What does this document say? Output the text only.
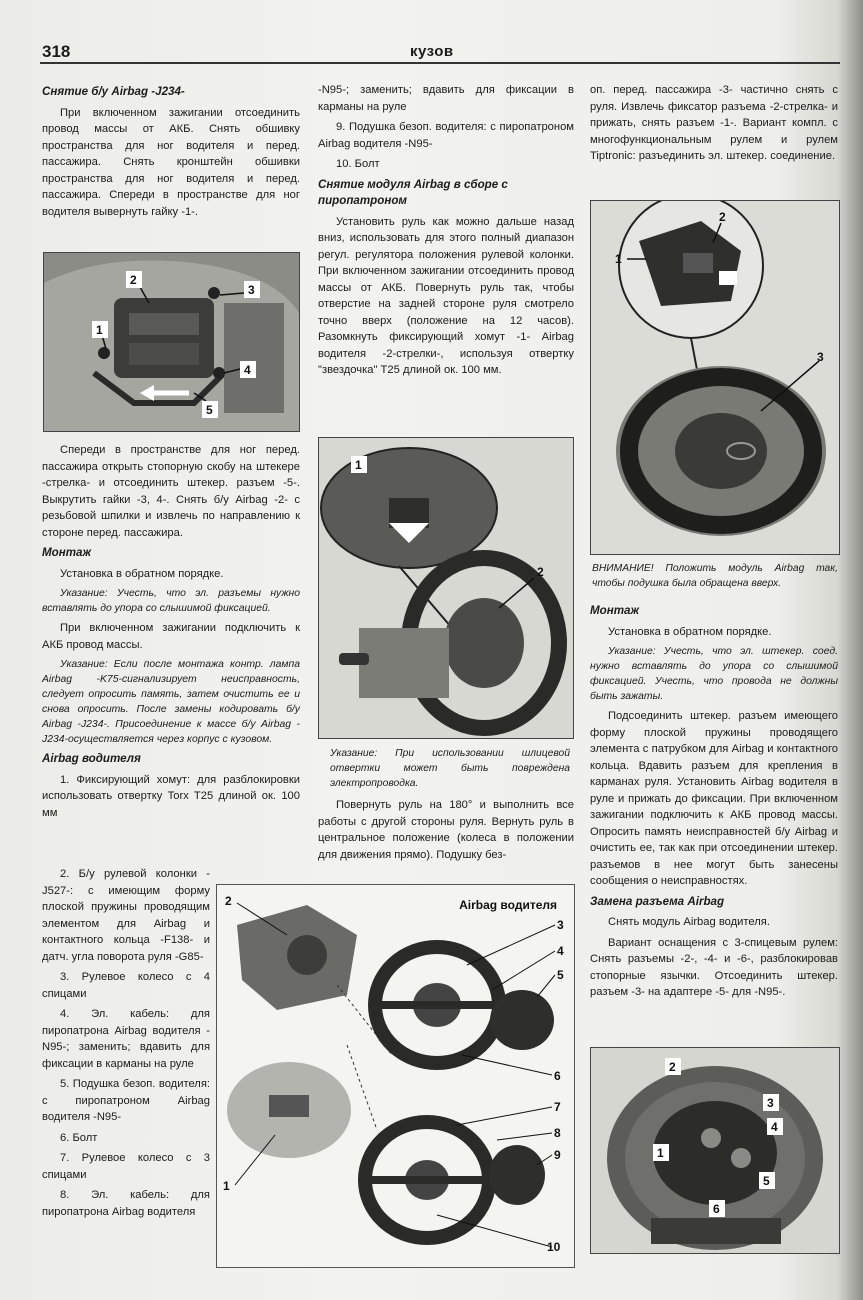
318	кузов
Снятие б/у Airbag -J234-

При включенном зажигании отсоединить провод массы от АКБ. Снять обшивку пространства для ног водителя и перед. пассажира. Снять кронштейн обшивки пространства для ног водителя и перед. пассажира. Спереди в пространстве для ног водителя вывернуть гайку -1-.

1
2
3
4
5

Спереди в пространстве для ног перед. пассажира открыть стопорную скобу на штекере -стрелка- и отсоединить штекер. разъем -5-. Выкрутить гайки -3, 4-. Снять б/у Airbag -2- с резьбовой шпилки и извлечь по направлению к стороне перед. пассажира.

Монтаж

Установка в обратном порядке.

Указание: Учесть, что эл. разъемы нужно вставлять до упора со слышимой фиксацией.

При включенном зажигании подключить к АКБ провод массы.

Указание: Если после монтажа контр. лампа Airbag -K75-сигнализирует неисправность, следует опросить память, затем очистить ее и снова опросить. После замены кодировать б/у Airbag -J234-. Присоединение к массе б/у Airbag -J234-осуществляется через корпус с кузовом.

Airbag водителя

1. Фиксирующий хомут: для разблокировки использовать отвертку Torx T25 длиной ок. 100 мм

2. Б/у рулевой колонки -J527-: с имеющим форму плоской пружины проводящим элементом для Airbag и контактного кольца -F138- и датч. угла поворота руля -G85-

3. Рулевое колесо с 4 спицами

4. Эл. кабель: для пиропатрона Airbag водителя -N95-; заменить; вдавить для фиксации в карманы на руле

5. Подушка безоп. водителя: с пиропатроном Airbag водителя -N95-

6. Болт

7. Рулевое колесо с 3 спицами

8. Эл. кабель: для пиропатрона Airbag водителя

-N95-; заменить; вдавить для фиксации в карманы на руле

9. Подушка безоп. водителя: с пиропатроном Airbag водителя -N95-

10. Болт

Снятие модуля Airbag в сборе с пиропатроном

Установить руль как можно дальше назад вниз, использовать для этого полный диапазон регул. регулятора положения рулевой колонки. При включенном зажигании отсоединить провод массы от АКБ. Повернуть руль так, чтобы отверстие на задней стороне руля смотрело точно вверх (положение на 12 часов). Разомкнуть фиксирующий хомут -1- Airbag водителя -2-стрелки-, используя отвертку "звездочка" T25 длиной ок. 100 мм.

1
2
Указание: При использовании шлицевой отвертки может быть повреждена электропроводка.

Повернуть руль на 180° и выполнить все работы с другой стороны руля. Вернуть руль в центральное положение (колеса в положении для движения прямо). Подушку без-

оп. перед. пассажира -3- частично снять с руля. Извлечь фиксатор разъема -2-стрелка- и прижать, снять разъем -1-. Вариант компл. с многофункциональным рулем и рулем Tiptronic: разъединить эл. штекер. соединение.

1
2
3
ВНИМАНИЕ! Положить модуль Airbag так, чтобы подушка была обращена вверх.
Монтаж

Установка в обратном порядке.

Указание: Учесть, что эл. штекер. соед. нужно вставлять до упора со слышимой фиксацией. Учесть, что провода не должны быть зажаты.

Подсоединить штекер. разъем имеющего форму плоской пружины проводящего элемента с патрубком для Airbag и контактного кольца. Вдавить разъем для крепления в карманах руля. Установить Airbag водителя в руле и прижать до фиксации. При включенном зажигании подключить к АКБ провод массы. Опросить память неисправностей б/у Airbag и очистить ее, так как при отсоединении штекер. разъемов в нее могут быть занесены сообщения о неисправностях.

Замена разъема Airbag

Снять модуль Airbag водителя.

Вариант оснащения с 3-спицевым рулем: Снять разъемы -2-, -4- и -6-, разблокировав стопорные язычки. Отсоединить штекер. разъем -3- на адаптере -5- для -N95-.

1
2
3
4
5
6
Airbag водителя
1
2
3
4
5
6
7
8
9
10
